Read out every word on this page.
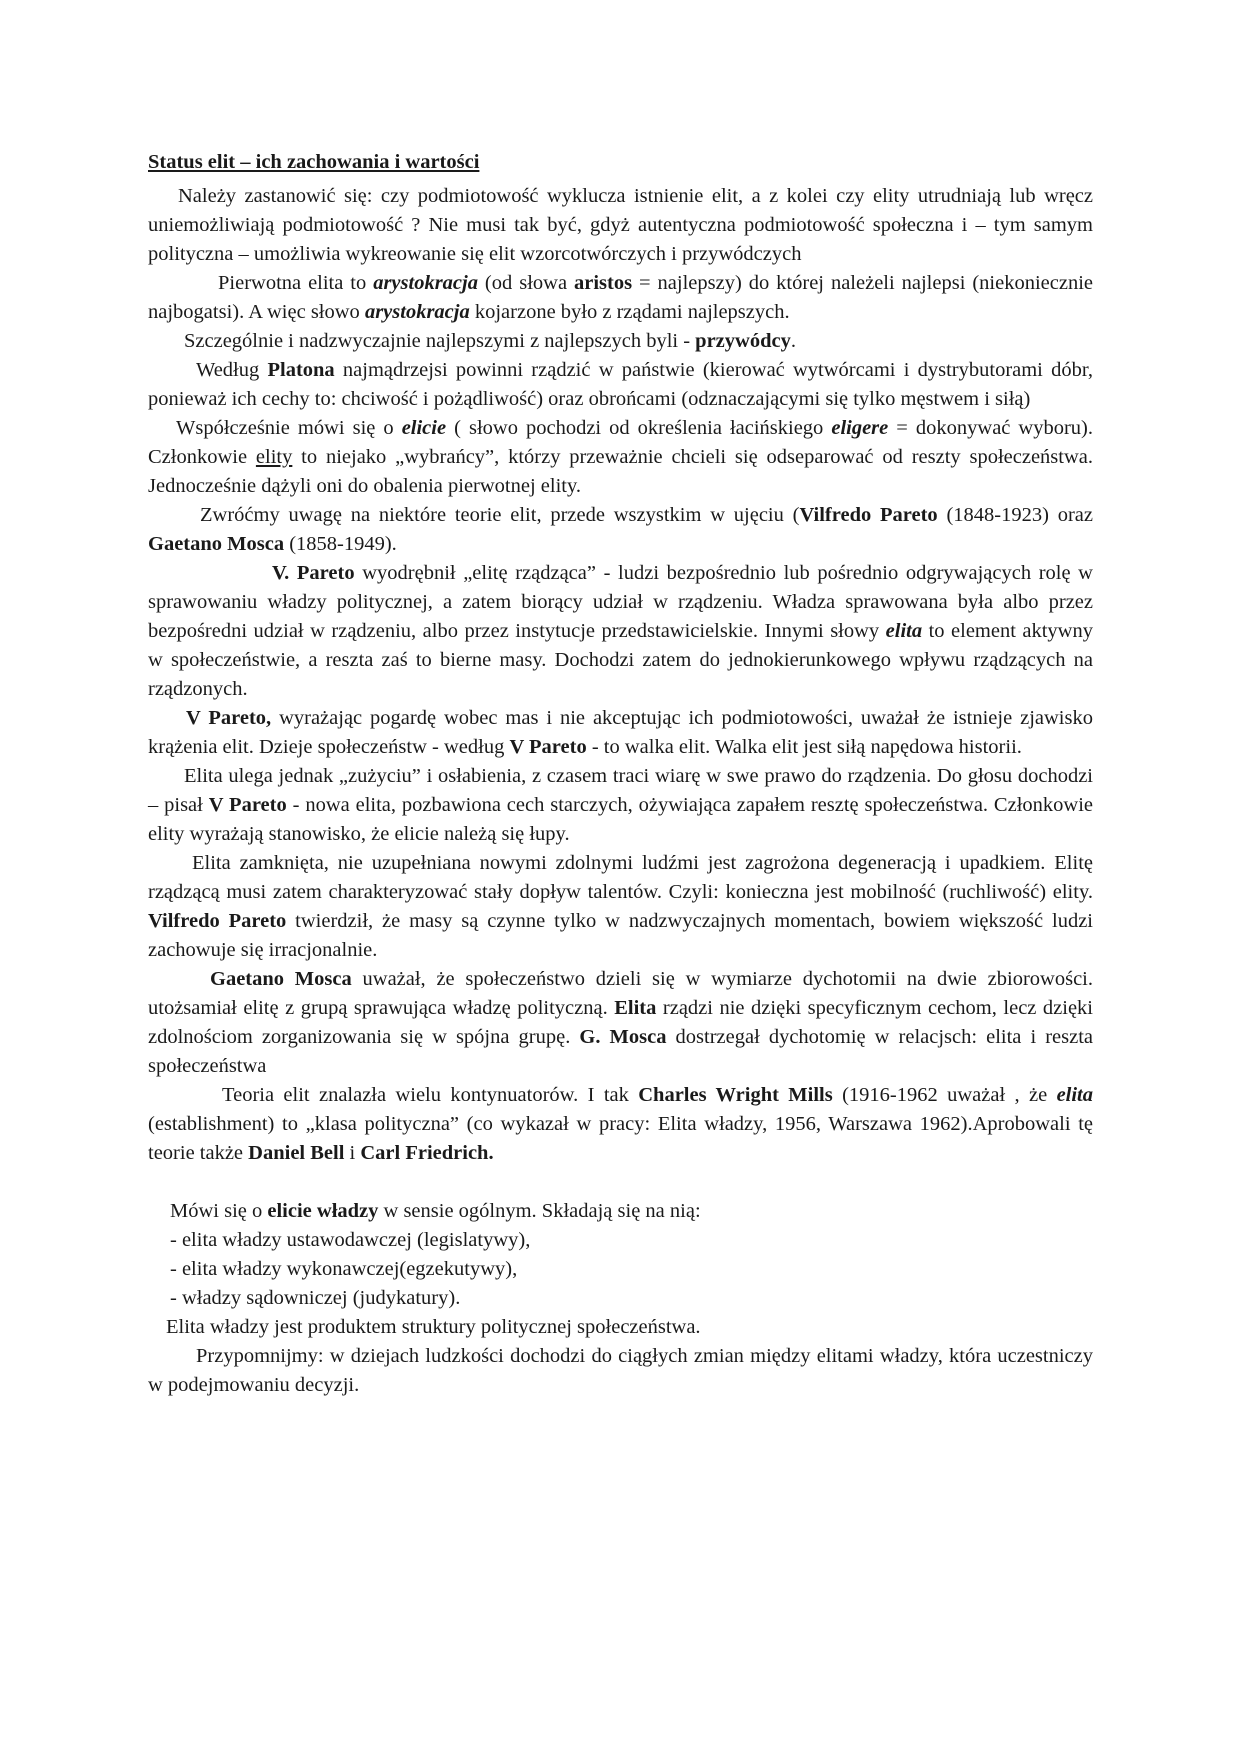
Status elit – ich zachowania i wartości

Należy zastanowić się: czy podmiotowość wyklucza istnienie elit, a z kolei czy elity utrudniają lub wręcz uniemożliwiają podmiotowość ? Nie musi tak być, gdyż autentyczna podmiotowość społeczna i – tym samym polityczna – umożliwia wykreowanie się elit wzorcotwórczych i przywódczych

Pierwotna elita to arystokracja (od słowa aristos = najlepszy) do której należeli najlepsi (niekoniecznie najbogatsi). A więc słowo arystokracja kojarzone było z rządami najlepszych.

Szczególnie i nadzwyczajnie najlepszymi z najlepszych byli - przywódcy.

Według Platona najmądrzejsi powinni rządzić w państwie (kierować wytwórcami i dystrybutorami dóbr, ponieważ ich cechy to: chciwość i pożądliwość) oraz obrońcami (odznaczającymi się tylko męstwem i siłą)

Współcześnie mówi się o elicie ( słowo pochodzi od określenia łacińskiego eligere = dokonywać wyboru). Członkowie elity to niejako „wybrańcy”, którzy przeważnie chcieli się odseparować od reszty społeczeństwa. Jednocześnie dążyli oni do obalenia pierwotnej elity.

Zwróćmy uwagę na niektóre teorie elit, przede wszystkim w ujęciu (Vilfredo Pareto (1848-1923) oraz Gaetano Mosca (1858-1949).

V. Pareto wyodrębnił „elitę rządząca” - ludzi bezpośrednio lub pośrednio odgrywających rolę w sprawowaniu władzy politycznej, a zatem biorący udział w rządzeniu. Władza sprawowana była albo przez bezpośredni udział w rządzeniu, albo przez instytucje przedstawicielskie. Innymi słowy elita to element aktywny w społeczeństwie, a reszta zaś to bierne masy. Dochodzi zatem do jednokierunkowego wpływu rządzących na rządzonych.

V Pareto, wyrażając pogardę wobec mas i nie akceptując ich podmiotowości, uważał że istnieje zjawisko krążenia elit. Dzieje społeczeństw - według V Pareto - to walka elit. Walka elit jest siłą napędowa historii.

Elita ulega jednak „zużyciu” i osłabienia, z czasem traci wiarę w swe prawo do rządzenia. Do głosu dochodzi – pisał V Pareto - nowa elita, pozbawiona cech starczych, ożywiająca zapałem resztę społeczeństwa. Członkowie elity wyrażają stanowisko, że elicie należą się łupy.

Elita zamknięta, nie uzupełniana nowymi zdolnymi ludźmi jest zagrożona degeneracją i upadkiem. Elitę rządzącą musi zatem charakteryzować stały dopływ talentów. Czyli: konieczna jest mobilność (ruchliwość) elity. Vilfredo Pareto twierdził, że masy są czynne tylko w nadzwyczajnych momentach, bowiem większość ludzi zachowuje się irracjonalnie.

Gaetano Mosca uważał, że społeczeństwo dzieli się w wymiarze dychotomii na dwie zbiorowości. utożsamiał elitę z grupą sprawująca władzę polityczną. Elita rządzi nie dzięki specyficznym cechom, lecz dzięki zdolnościom zorganizowania się w spójna grupę. G. Mosca dostrzegał dychotomię w relacjsch: elita i reszta społeczeństwa

Teoria elit znalazła wielu kontynuatorów. I tak Charles Wright Mills (1916-1962 uważał , że elita (establishment) to „klasa polityczna” (co wykazał w pracy: Elita władzy, 1956, Warszawa 1962).Aprobowali tę teorie także Daniel Bell i Carl Friedrich.

Mówi się o elicie władzy w sensie ogólnym. Składają się na nią:

- elita władzy ustawodawczej (legislatywy),
- elita władzy wykonawczej(egzekutywy),
- władzy sądowniczej (judykatury).

Elita władzy jest produktem struktury politycznej społeczeństwa.

Przypomnijmy: w dziejach ludzkości dochodzi do ciągłych zmian między elitami władzy, która uczestniczy w podejmowaniu decyzji.
